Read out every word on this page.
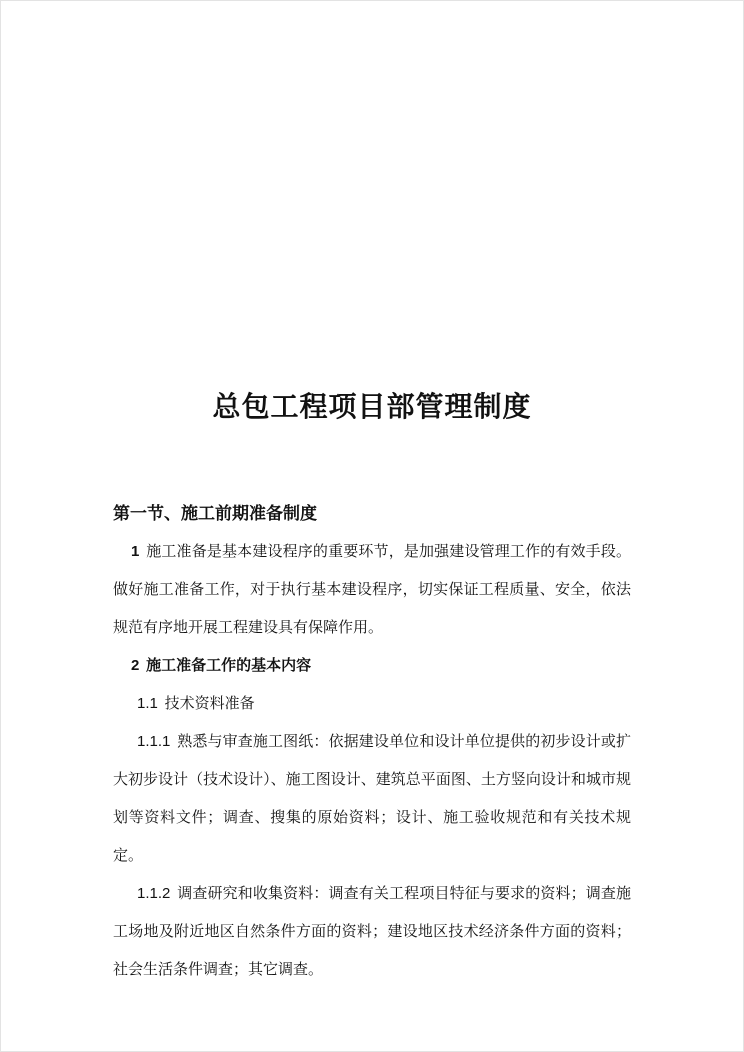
总包工程项目部管理制度
第一节、施工前期准备制度

1 施工准备是基本建设程序的重要环节，是加强建设管理工作的有效手段。做好施工准备工作，对于执行基本建设程序，切实保证工程质量、安全，依法规范有序地开展工程建设具有保障作用。

2 施工准备工作的基本内容

1.1 技术资料准备

1.1.1 熟悉与审查施工图纸：依据建设单位和设计单位提供的初步设计或扩大初步设计（技术设计）、施工图设计、建筑总平面图、土方竖向设计和城市规划等资料文件；调查、搜集的原始资料；设计、施工验收规范和有关技术规定。

1.1.2 调查研究和收集资料：调查有关工程项目特征与要求的资料；调查施工场地及附近地区自然条件方面的资料；建设地区技术经济条件方面的资料；社会生活条件调查；其它调查。
